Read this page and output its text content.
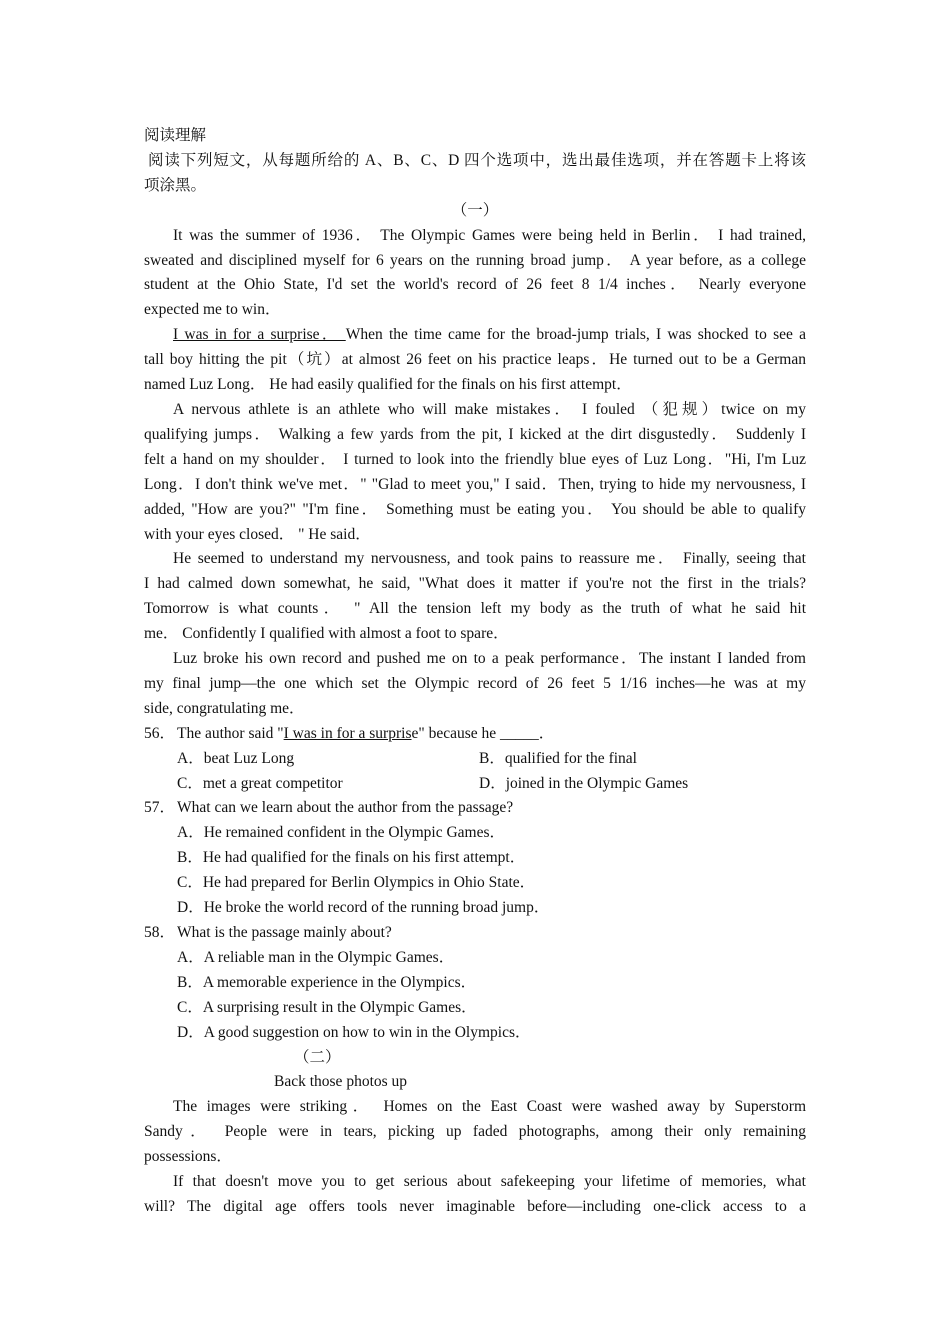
阅读理解
阅读下列短文，从每题所给的 A、B、C、D 四个选项中，选出最佳选项，并在答题卡上将该
项涂黑。
（一）
It was the summer of 1936． The Olympic Games were being held in Berlin． I had trained,
sweated and disciplined myself for 6 years on the running broad jump． A year before, as a college
student at the Ohio State, I'd set the world's record of 26 feet 8 1/4 inches． Nearly everyone
expected me to win．
I was in for a surprise． When the time came for the broad-jump trials, I was shocked to see a
tall boy hitting the pit（坑）at almost 26 feet on his practice leaps．He turned out to be a German
named Luz Long． He had easily qualified for the finals on his first attempt．
A nervous athlete is an athlete who will make mistakes． I fouled （犯规）twice on my
qualifying jumps． Walking a few yards from the pit, I kicked at the dirt disgustedly． Suddenly I
felt a hand on my shoulder． I turned to look into the friendly blue eyes of Luz Long．"Hi, I'm Luz
Long．I don't think we've met．" "Glad to meet you," I said．Then, trying to hide my nervousness, I
added, "How are you?" "I'm fine． Something must be eating you． You should be able to qualify
with your eyes closed． " He said．
He seemed to understand my nervousness, and took pains to reassure me． Finally, seeing that
I had calmed down somewhat, he said, "What does it matter if you're not the first in the trials?
Tomorrow is what counts． " All the tension left my body as the truth of what he said hit
me． Confidently I qualified with almost a foot to spare．
Luz broke his own record and pushed me on to a peak performance．The instant I landed from
my final jump—the one which set the Olympic record of 26 feet 5 1/16 inches—he was at my
side, congratulating me．
56． The author said "I was in for a surprise" because he _____．
A．beat Luz Long	B．qualified for the final
C．met a great competitor	D．joined in the Olympic Games
57． What can we learn about the author from the passage?
A．He remained confident in the Olympic Games．
B．He had qualified for the finals on his first attempt．
C．He had prepared for Berlin Olympics in Ohio State．
D．He broke the world record of the running broad jump．
58． What is the passage mainly about?
A．A reliable man in the Olympic Games．
B．A memorable experience in the Olympics．
C．A surprising result in the Olympic Games．
D．A good suggestion on how to win in the Olympics．
（二）
Back those photos up
The images were striking． Homes on the East Coast were washed away by Superstorm
Sandy． People were in tears, picking up faded photographs, among their only remaining
possessions．
If that doesn't move you to get serious about safekeeping your lifetime of memories, what
will? The digital age offers tools never imaginable before—including one-click access to a
